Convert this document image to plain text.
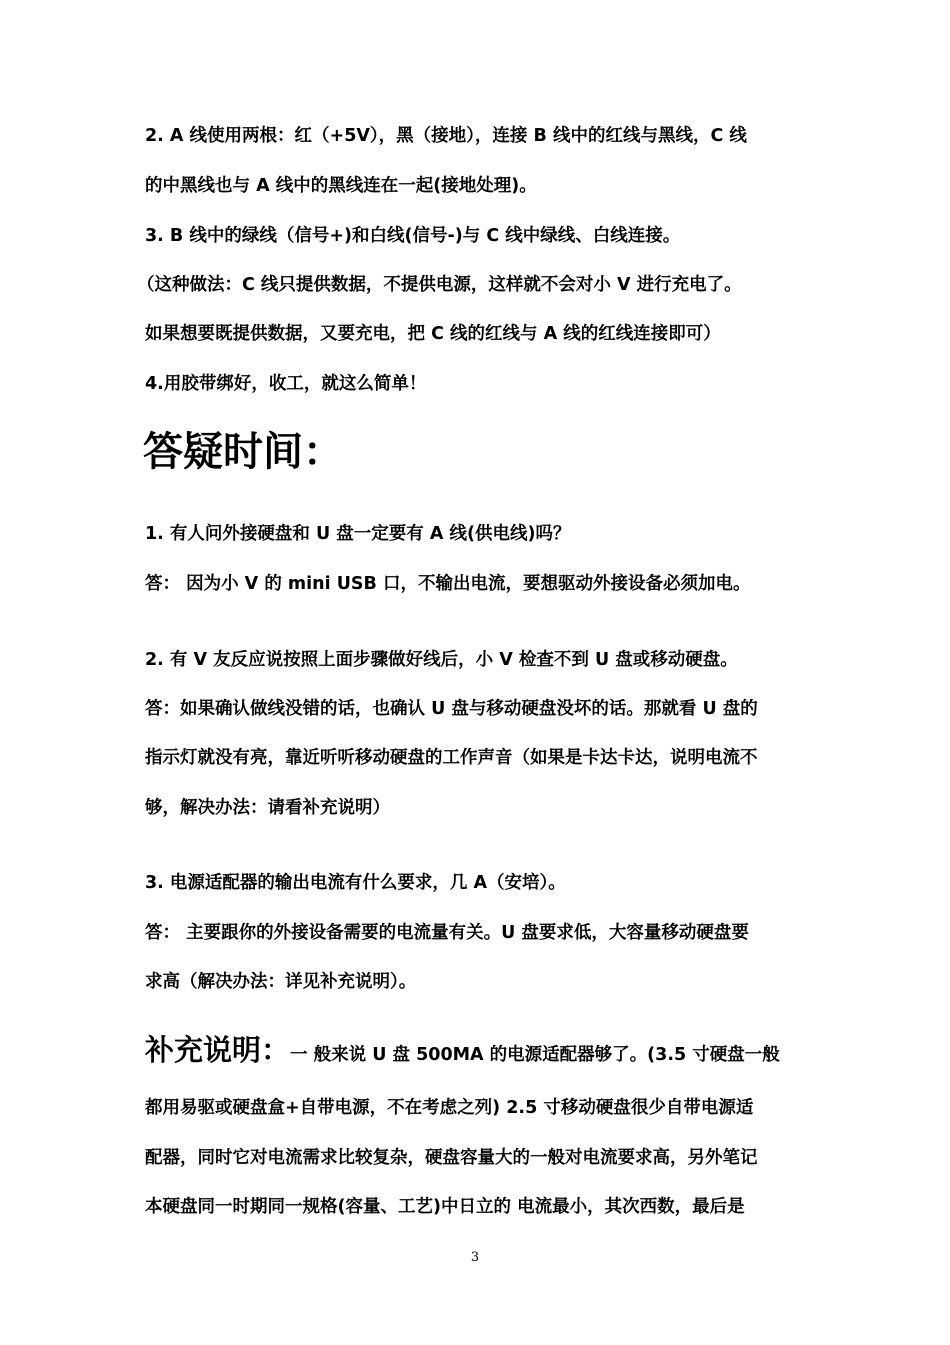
2. A 线使用两根：红（+5V），黑（接地），连接 B 线中的红线与黑线，C 线
的中黑线也与 A 线中的黑线连在一起(接地处理)。
3. B 线中的绿线（信号+)和白线(信号-)与 C 线中绿线、白线连接。
（这种做法：C 线只提供数据，不提供电源，这样就不会对小 V 进行充电了。
如果想要既提供数据，又要充电，把 C 线的红线与 A 线的红线连接即可）
4.用胶带绑好，收工，就这么简单！
答疑时间：
1. 有人问外接硬盘和 U 盘一定要有 A 线(供电线)吗？
答： 因为小 V 的 mini USB 口，不输出电流，要想驱动外接设备必须加电。
2. 有 V 友反应说按照上面步骤做好线后，小 V 检查不到 U 盘或移动硬盘。
答：如果确认做线没错的话，也确认 U 盘与移动硬盘没坏的话。那就看 U 盘的
指示灯就没有亮，靠近听听移动硬盘的工作声音（如果是卡达卡达，说明电流不
够，解决办法：请看补充说明）
3. 电源适配器的输出电流有什么要求，几 A（安培）。
答： 主要跟你的外接设备需要的电流量有关。U 盘要求低，大容量移动硬盘要
求高（解决办法：详见补充说明）。
补充说明：一 般来说 U 盘 500MA 的电源适配器够了。(3.5 寸硬盘一般
都用易驱或硬盘盒+自带电源，不在考虑之列) 2.5 寸移动硬盘很少自带电源适
配器，同时它对电流需求比较复杂，硬盘容量大的一般对电流要求高，另外笔记
本硬盘同一时期同一规格(容量、工艺)中日立的 电流最小，其次西数，最后是
3
